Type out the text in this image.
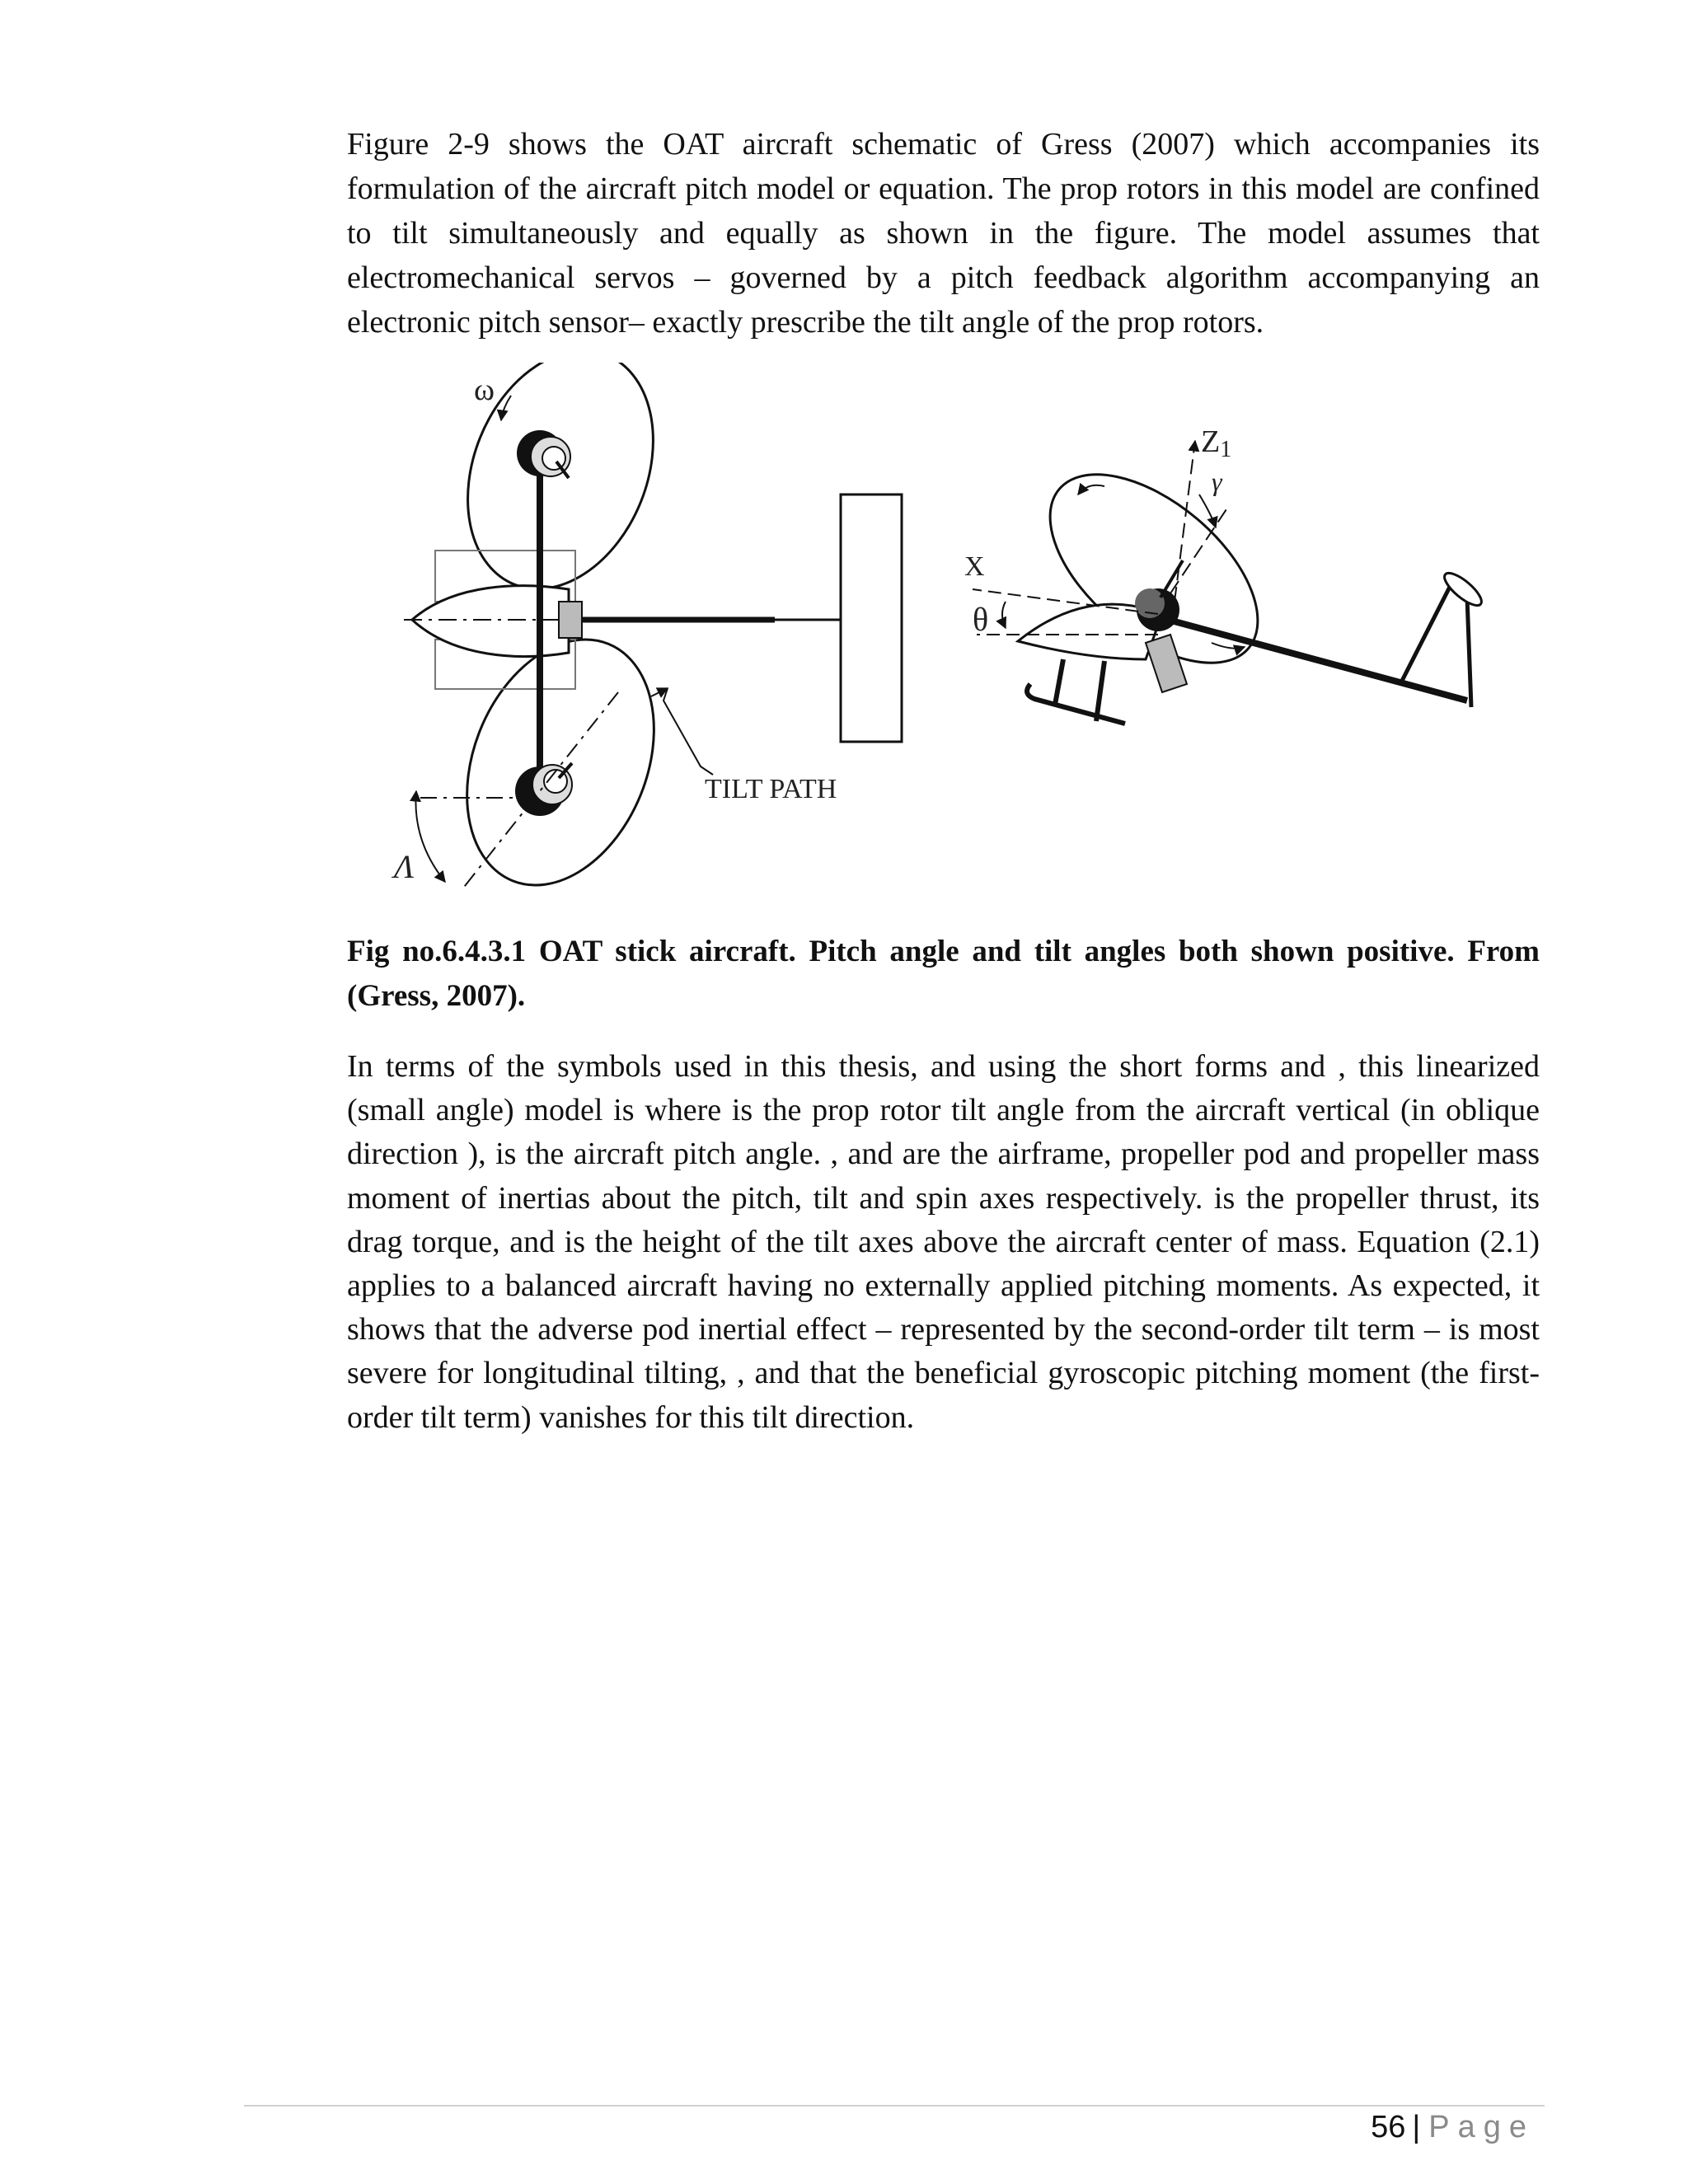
Figure 2-9 shows the OAT aircraft schematic of Gress (2007) which accompanies its formulation of the aircraft pitch model or equation. The prop rotors in this model are confined to tilt simultaneously and equally as shown in the figure. The model assumes that electromechanical servos – governed by a pitch feedback algorithm accompanying an electronic pitch sensor– exactly prescribe the tilt angle of the prop rotors.
ω
TILT PATH
Λ
Z1
γ
X
θ
Fig no.6.4.3.1 OAT stick aircraft. Pitch angle and tilt angles both shown positive. From (Gress, 2007).
In terms of the symbols used in this thesis, and using the short forms and , this linearized (small angle) model is where is the prop rotor tilt angle from the aircraft vertical (in oblique direction ), is the aircraft pitch angle. , and are the airframe, propeller pod and propeller mass moment of inertias about the pitch, tilt and spin axes respectively. is the propeller thrust, its drag torque, and is the height of the tilt axes above the aircraft center of mass. Equation (2.1) applies to a balanced aircraft having no externally applied pitching moments. As expected, it shows that the adverse pod inertial effect – represented by the second-order tilt term – is most severe for longitudinal tilting, , and that the beneficial gyroscopic pitching moment (the first-order tilt term) vanishes for this tilt direction.
56 | Page
